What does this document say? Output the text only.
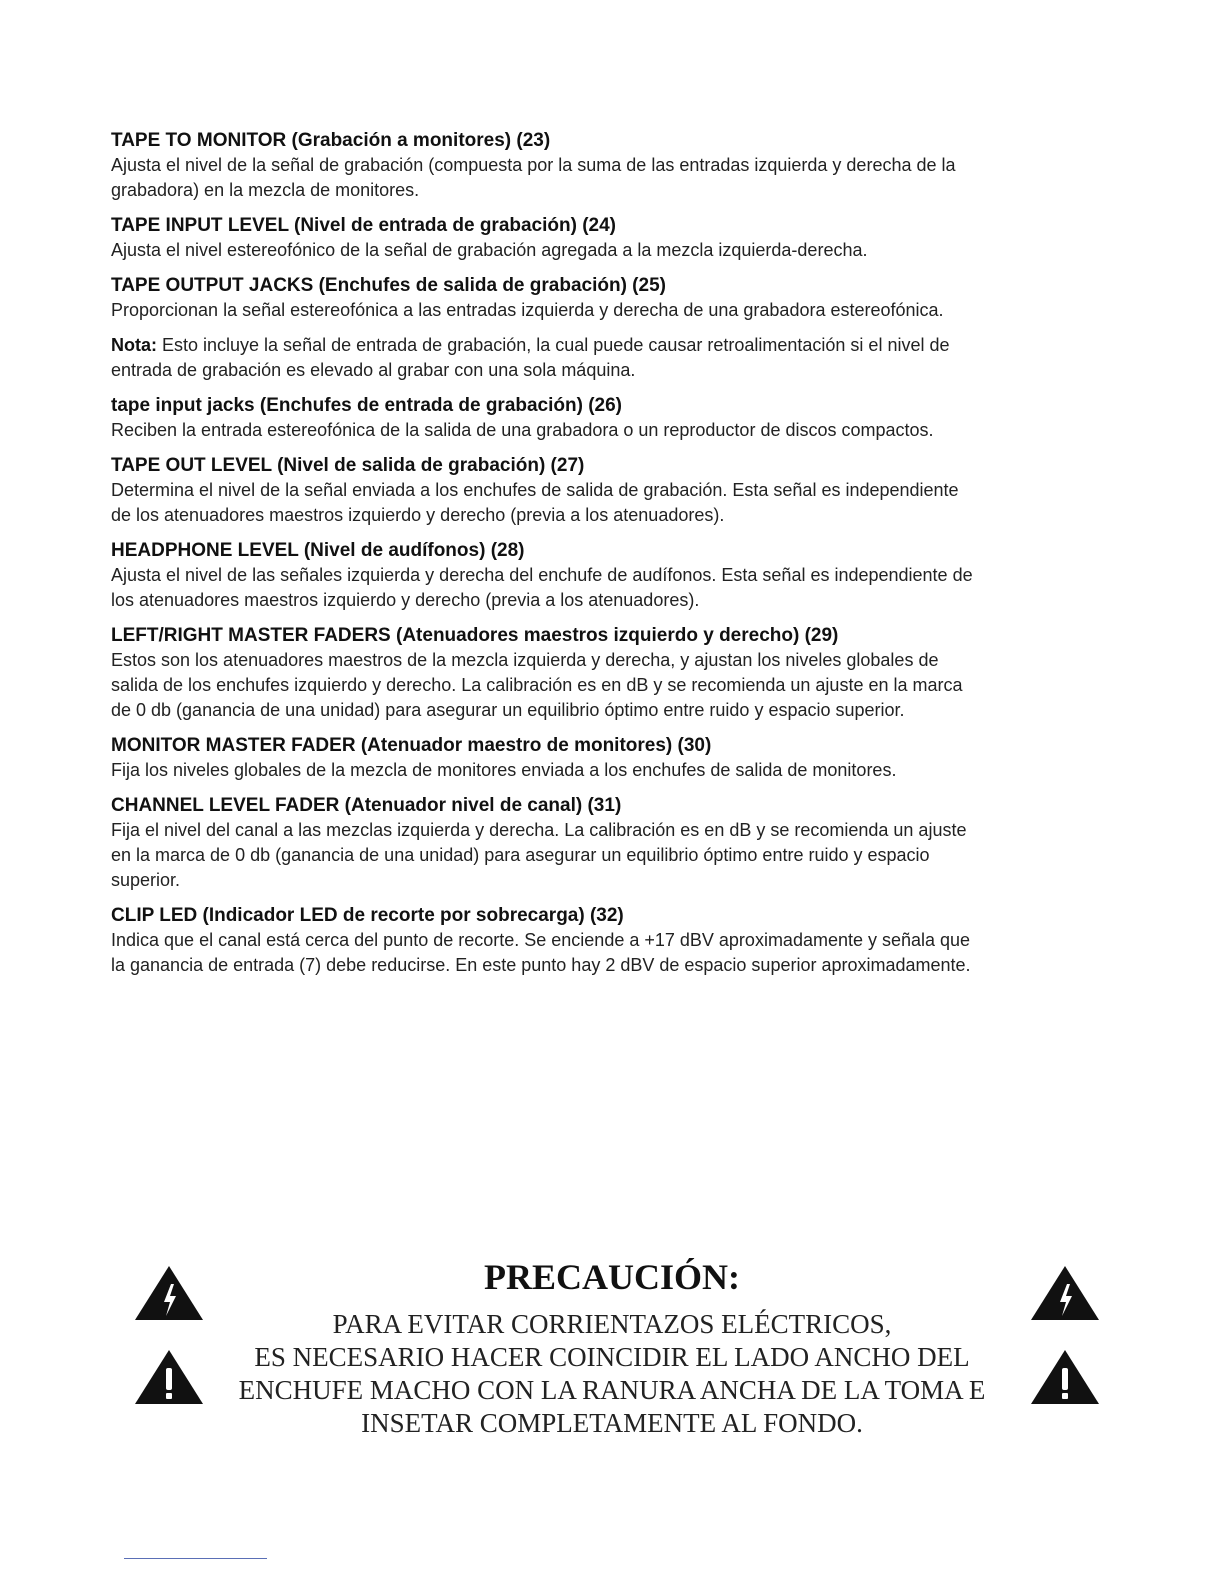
TAPE TO MONITOR (Grabación a monitores) (23)

Ajusta el nivel de la señal de grabación (compuesta por la suma de las entradas izquierda y derecha de la
grabadora) en la mezcla de monitores.

TAPE INPUT LEVEL (Nivel de entrada de grabación) (24)

Ajusta el nivel estereofónico de la señal de grabación agregada a la mezcla izquierda-derecha.

TAPE OUTPUT JACKS (Enchufes de salida de grabación) (25)

Proporcionan la señal estereofónica a las entradas izquierda y derecha de una grabadora estereofónica.

Nota: Esto incluye la señal de entrada de grabación, la cual puede causar retroalimentación si el nivel de
entrada de grabación es elevado al grabar con una sola máquina.

tape input jacks (Enchufes de entrada de grabación) (26)

Reciben la entrada estereofónica de la salida de una grabadora o un reproductor de discos compactos.

TAPE OUT LEVEL (Nivel de salida de grabación) (27)

Determina el nivel de la señal enviada a los enchufes de salida de grabación. Esta señal es independiente
de los atenuadores maestros izquierdo y derecho (previa a los atenuadores).

HEADPHONE LEVEL (Nivel de audífonos) (28)

Ajusta el nivel de las señales izquierda y derecha del enchufe de audífonos. Esta señal es independiente de
los atenuadores maestros izquierdo y derecho (previa a los atenuadores).

LEFT/RIGHT MASTER FADERS (Atenuadores maestros izquierdo y derecho) (29)

Estos son los atenuadores maestros de la mezcla izquierda y derecha, y ajustan los niveles globales de
salida de los enchufes izquierdo y derecho. La calibración es en dB y se recomienda un ajuste en la marca
de 0 db (ganancia de una unidad) para asegurar un equilibrio óptimo entre ruido y espacio superior.

MONITOR MASTER FADER (Atenuador maestro de monitores) (30)

Fija los niveles globales de la mezcla de monitores enviada a los enchufes de salida de monitores.

CHANNEL LEVEL FADER (Atenuador nivel de canal) (31)

Fija el nivel del canal a las mezclas izquierda y derecha. La calibración es en dB y se recomienda un ajuste
en la marca de 0 db (ganancia de una unidad) para asegurar un equilibrio óptimo entre ruido y espacio
superior.

CLIP LED (Indicador LED de recorte por sobrecarga) (32)

Indica que el canal está cerca del punto de recorte. Se enciende a +17 dBV aproximadamente y señala que
la ganancia de entrada (7) debe reducirse. En este punto hay 2 dBV de espacio superior aproximadamente.

PRECAUCIÓN:
PARA EVITAR CORRIENTAZOS ELÉCTRICOS,
ES NECESARIO HACER COINCIDIR EL LADO ANCHO DEL
ENCHUFE MACHO CON LA RANURA ANCHA DE LA TOMA E
INSETAR COMPLETAMENTE AL FONDO.
